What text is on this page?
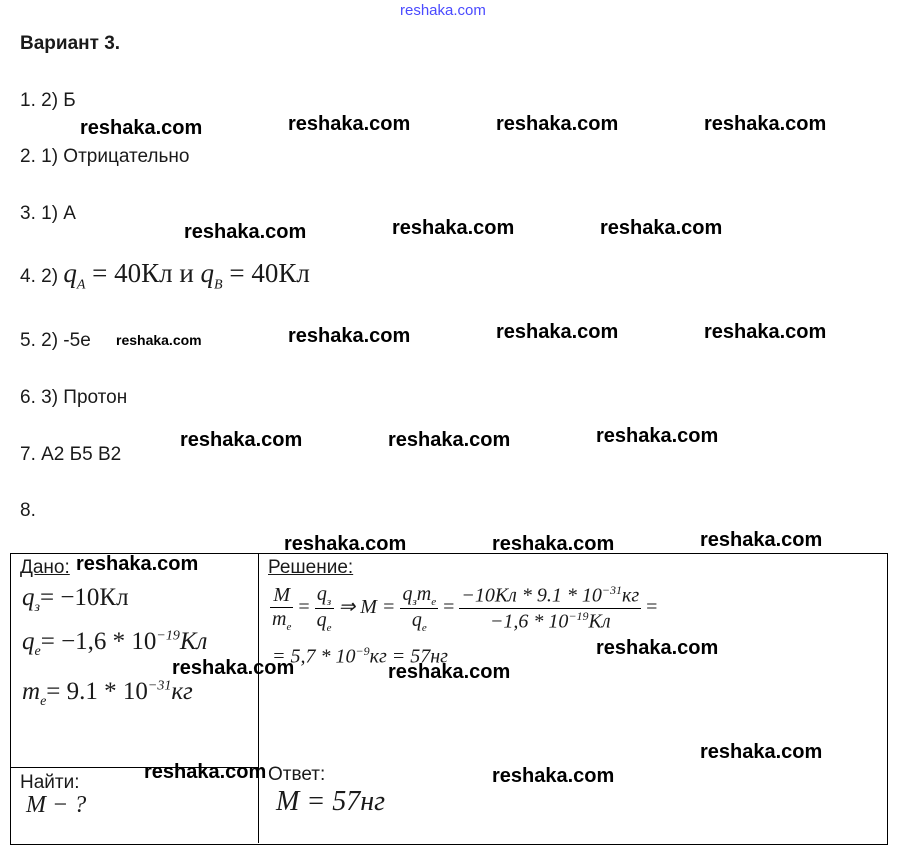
reshaka.com
Вариант 3.
1. 2) Б
2. 1) Отрицательно
3. 1) А
4. 2) $q_A = 40Кл$ и $q_B = 40Кл$
5. 2) -5e
6. 3) Протон
7. А2 Б5 В2
8.
reshaka.com	reshaka.com	reshaka.com	reshaka.com
reshaka.com	reshaka.com	reshaka.com
reshaka.com	reshaka.com	reshaka.com	reshaka.com
reshaka.com	reshaka.com	reshaka.com
reshaka.com	reshaka.com	reshaka.com
Дано: reshaka.com
$q_з= -10Кл$
$q_e= -1,6 * 10^{-19}Кл$
$m_e= 9.1 * 10^{-31}кг$
reshaka.com
Найти:
M − ?
reshaka.com
Решение:
$\frac{M}{m_e} = \frac{q_з}{q_e}$ ⇒ $M = \frac{q_зm_e}{q_e} = \frac{-10Кл * 9.1 * 10^{-31}кг}{-1,6 * 10^{-19}Кл}$ =
= $5,7 * 10^{-9}кг = 57нг$	reshaka.com
reshaka.com
reshaka.com
Ответ:	reshaka.com
M = 57нг
